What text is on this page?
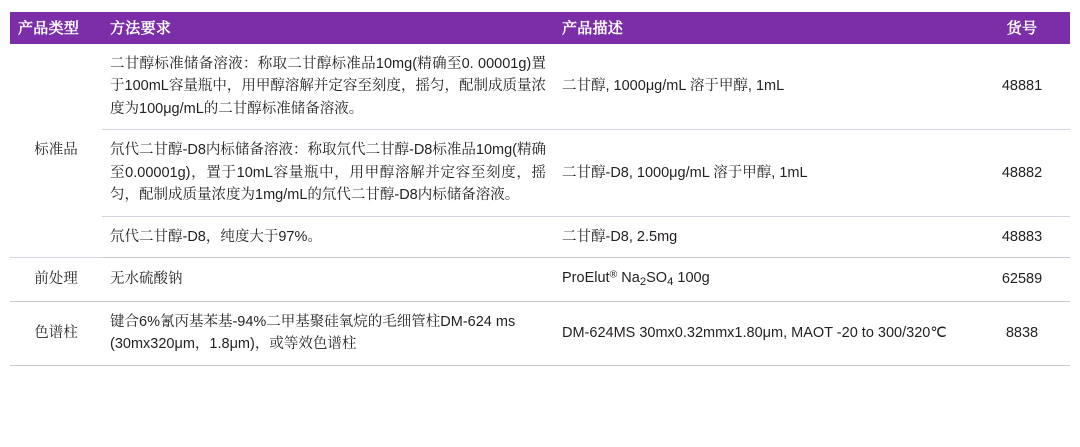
产品类型	方法要求	产品描述	货号
标准品	二甘醇标准储备溶液：称取二甘醇标准品10mg(精确至0. 00001g)置于100mL容量瓶中，用甲醇溶解并定容至刻度，摇匀，配制成质量浓度为100μg/mL的二甘醇标准储备溶液。	二甘醇, 1000μg/mL 溶于甲醇, 1mL	48881
	氘代二甘醇-D8内标储备溶液：称取氘代二甘醇-D8标准品10mg(精确至0.00001g)，置于10mL容量瓶中，用甲醇溶解并定容至刻度，摇匀，配制成质量浓度为1mg/mL的氘代二甘醇-D8内标储备溶液。	二甘醇-D8, 1000μg/mL 溶于甲醇, 1mL	48882
	氘代二甘醇-D8，纯度大于97%。	二甘醇-D8, 2.5mg	48883
前处理	无水硫酸钠	ProElut® $Na_2SO_4$ 100g	62589
色谱柱	键合6%氰丙基苯基-94%二甲基聚硅氧烷的毛细管柱DM-624 ms (30mx320μm，1.8μm)，或等效色谱柱	DM-624MS 30mx0.32mmx1.80μm, MAOT -20 to 300/320℃	8838
